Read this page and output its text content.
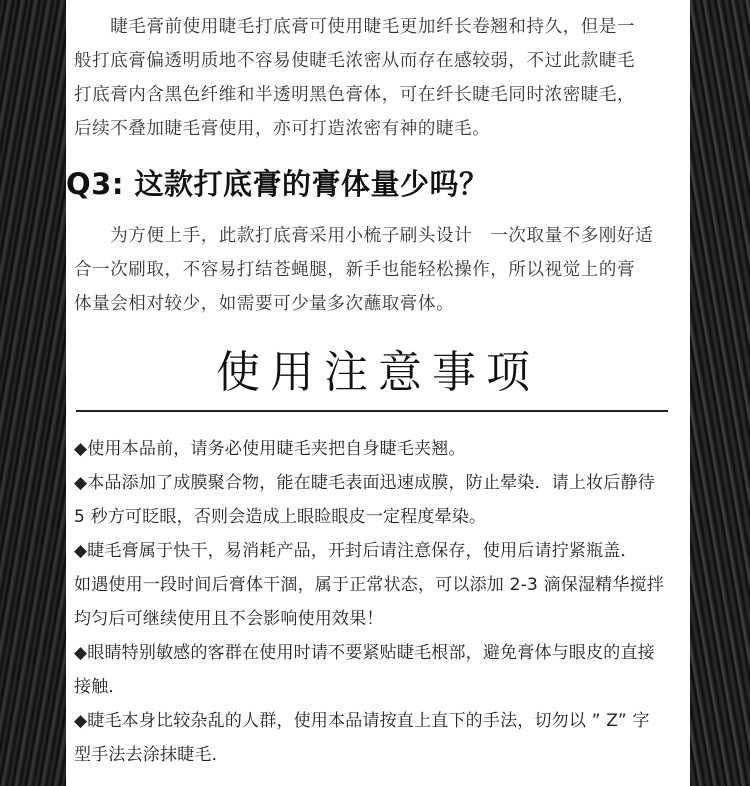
　　睫毛膏前使用睫毛打底膏可使用睫毛更加纤长卷翘和持久，但是一
般打底膏偏透明质地不容易使睫毛浓密从而存在感较弱，不过此款睫毛
打底膏内含黑色纤维和半透明黑色膏体，可在纤长睫毛同时浓密睫毛，
后续不叠加睫毛膏使用，亦可打造浓密有神的睫毛。
Q3: 这款打底膏的膏体量少吗？
　　为方便上手，此款打底膏采用小梳子刷头设计　一次取量不多刚好适
合一次刷取，不容易打结苍蝇腿，新手也能轻松操作，所以视觉上的膏
体量会相对较少，如需要可少量多次蘸取膏体。
使用注意事项
◆使用本品前，请务必使用睫毛夹把自身睫毛夹翘。
◆本品添加了成膜聚合物，能在睫毛表面迅速成膜，防止晕染．请上妆后静待
5 秒方可眨眼，否则会造成上眼睑眼皮一定程度晕染。
◆睫毛膏属于快干，易消耗产品，开封后请注意保存，使用后请拧紧瓶盖．
如遇使用一段时间后膏体干涸，属于正常状态，可以添加 2-3 滴保湿精华搅拌
均匀后可继续使用且不会影响使用效果！
◆眼睛特别敏感的客群在使用时请不要紧贴睫毛根部，避免膏体与眼皮的直接
接触．
◆睫毛本身比较杂乱的人群，使用本品请按直上直下的手法，切勿以 ” Z” 字
型手法去涂抹睫毛．
